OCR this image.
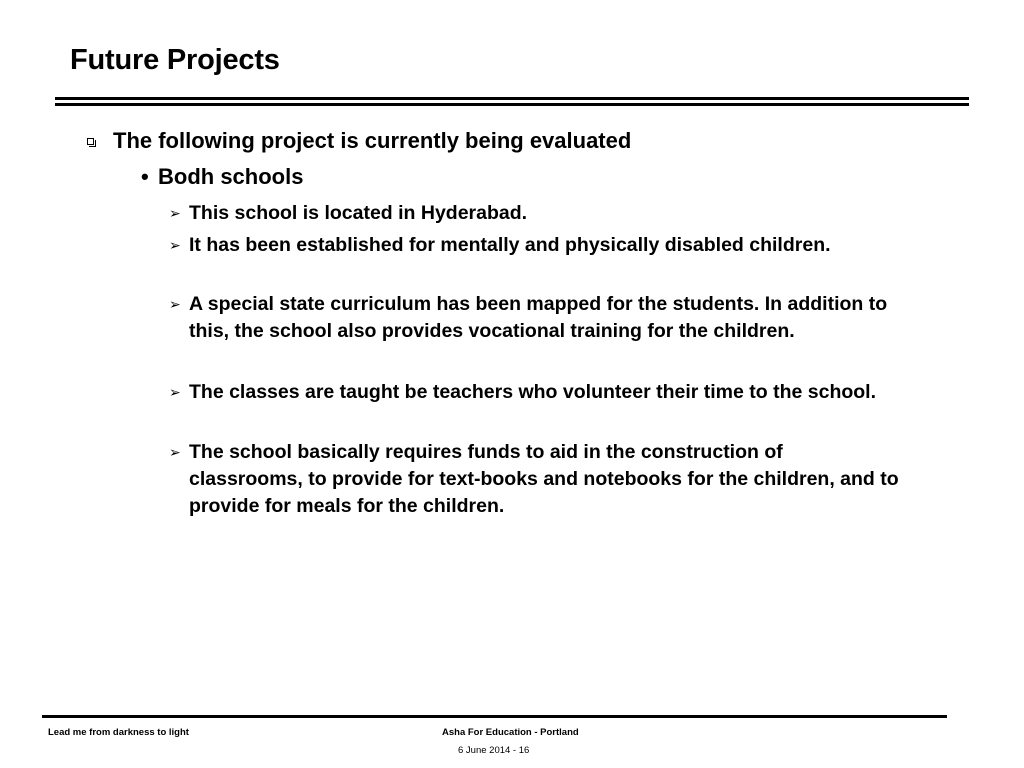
Future Projects
The following project is currently being evaluated
• Bodh schools
➢ This school is located in Hyderabad.
➢ It has been established for mentally and physically disabled children.
➢ A special state curriculum has been mapped for the students. In addition to this, the school also provides vocational training for the children.
➢ The classes are taught be teachers who volunteer their time to the school.
➢ The school basically requires funds to aid in the construction of classrooms, to provide for text-books and notebooks for the children, and to provide for meals for the children.
Lead me from darkness to light	Asha For Education - Portland
6 June 2014 - 16
